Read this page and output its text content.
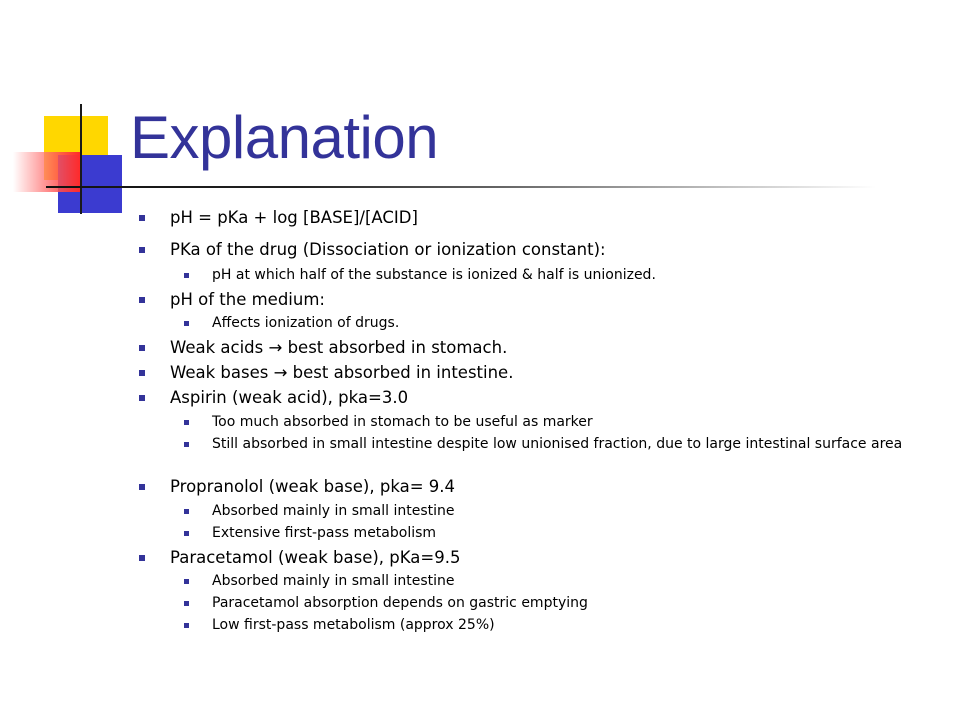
Explanation

pH = pKa + log [BASE]/[ACID]

PKa of the drug (Dissociation or ionization constant):

pH at which half of the substance is ionized & half is unionized.

pH of the medium:

Affects ionization of drugs.

Weak acids → best absorbed in stomach.

Weak bases → best absorbed in intestine.

Aspirin (weak acid), pka=3.0

Too much absorbed in stomach to be useful as marker

Still absorbed in small intestine despite low unionised fraction, due to large intestinal surface area

Propranolol (weak base), pka= 9.4

Absorbed mainly in small intestine

Extensive first-pass metabolism

Paracetamol (weak base), pKa=9.5

Absorbed mainly in small intestine

Paracetamol absorption depends on gastric emptying

Low first-pass metabolism (approx 25%)
